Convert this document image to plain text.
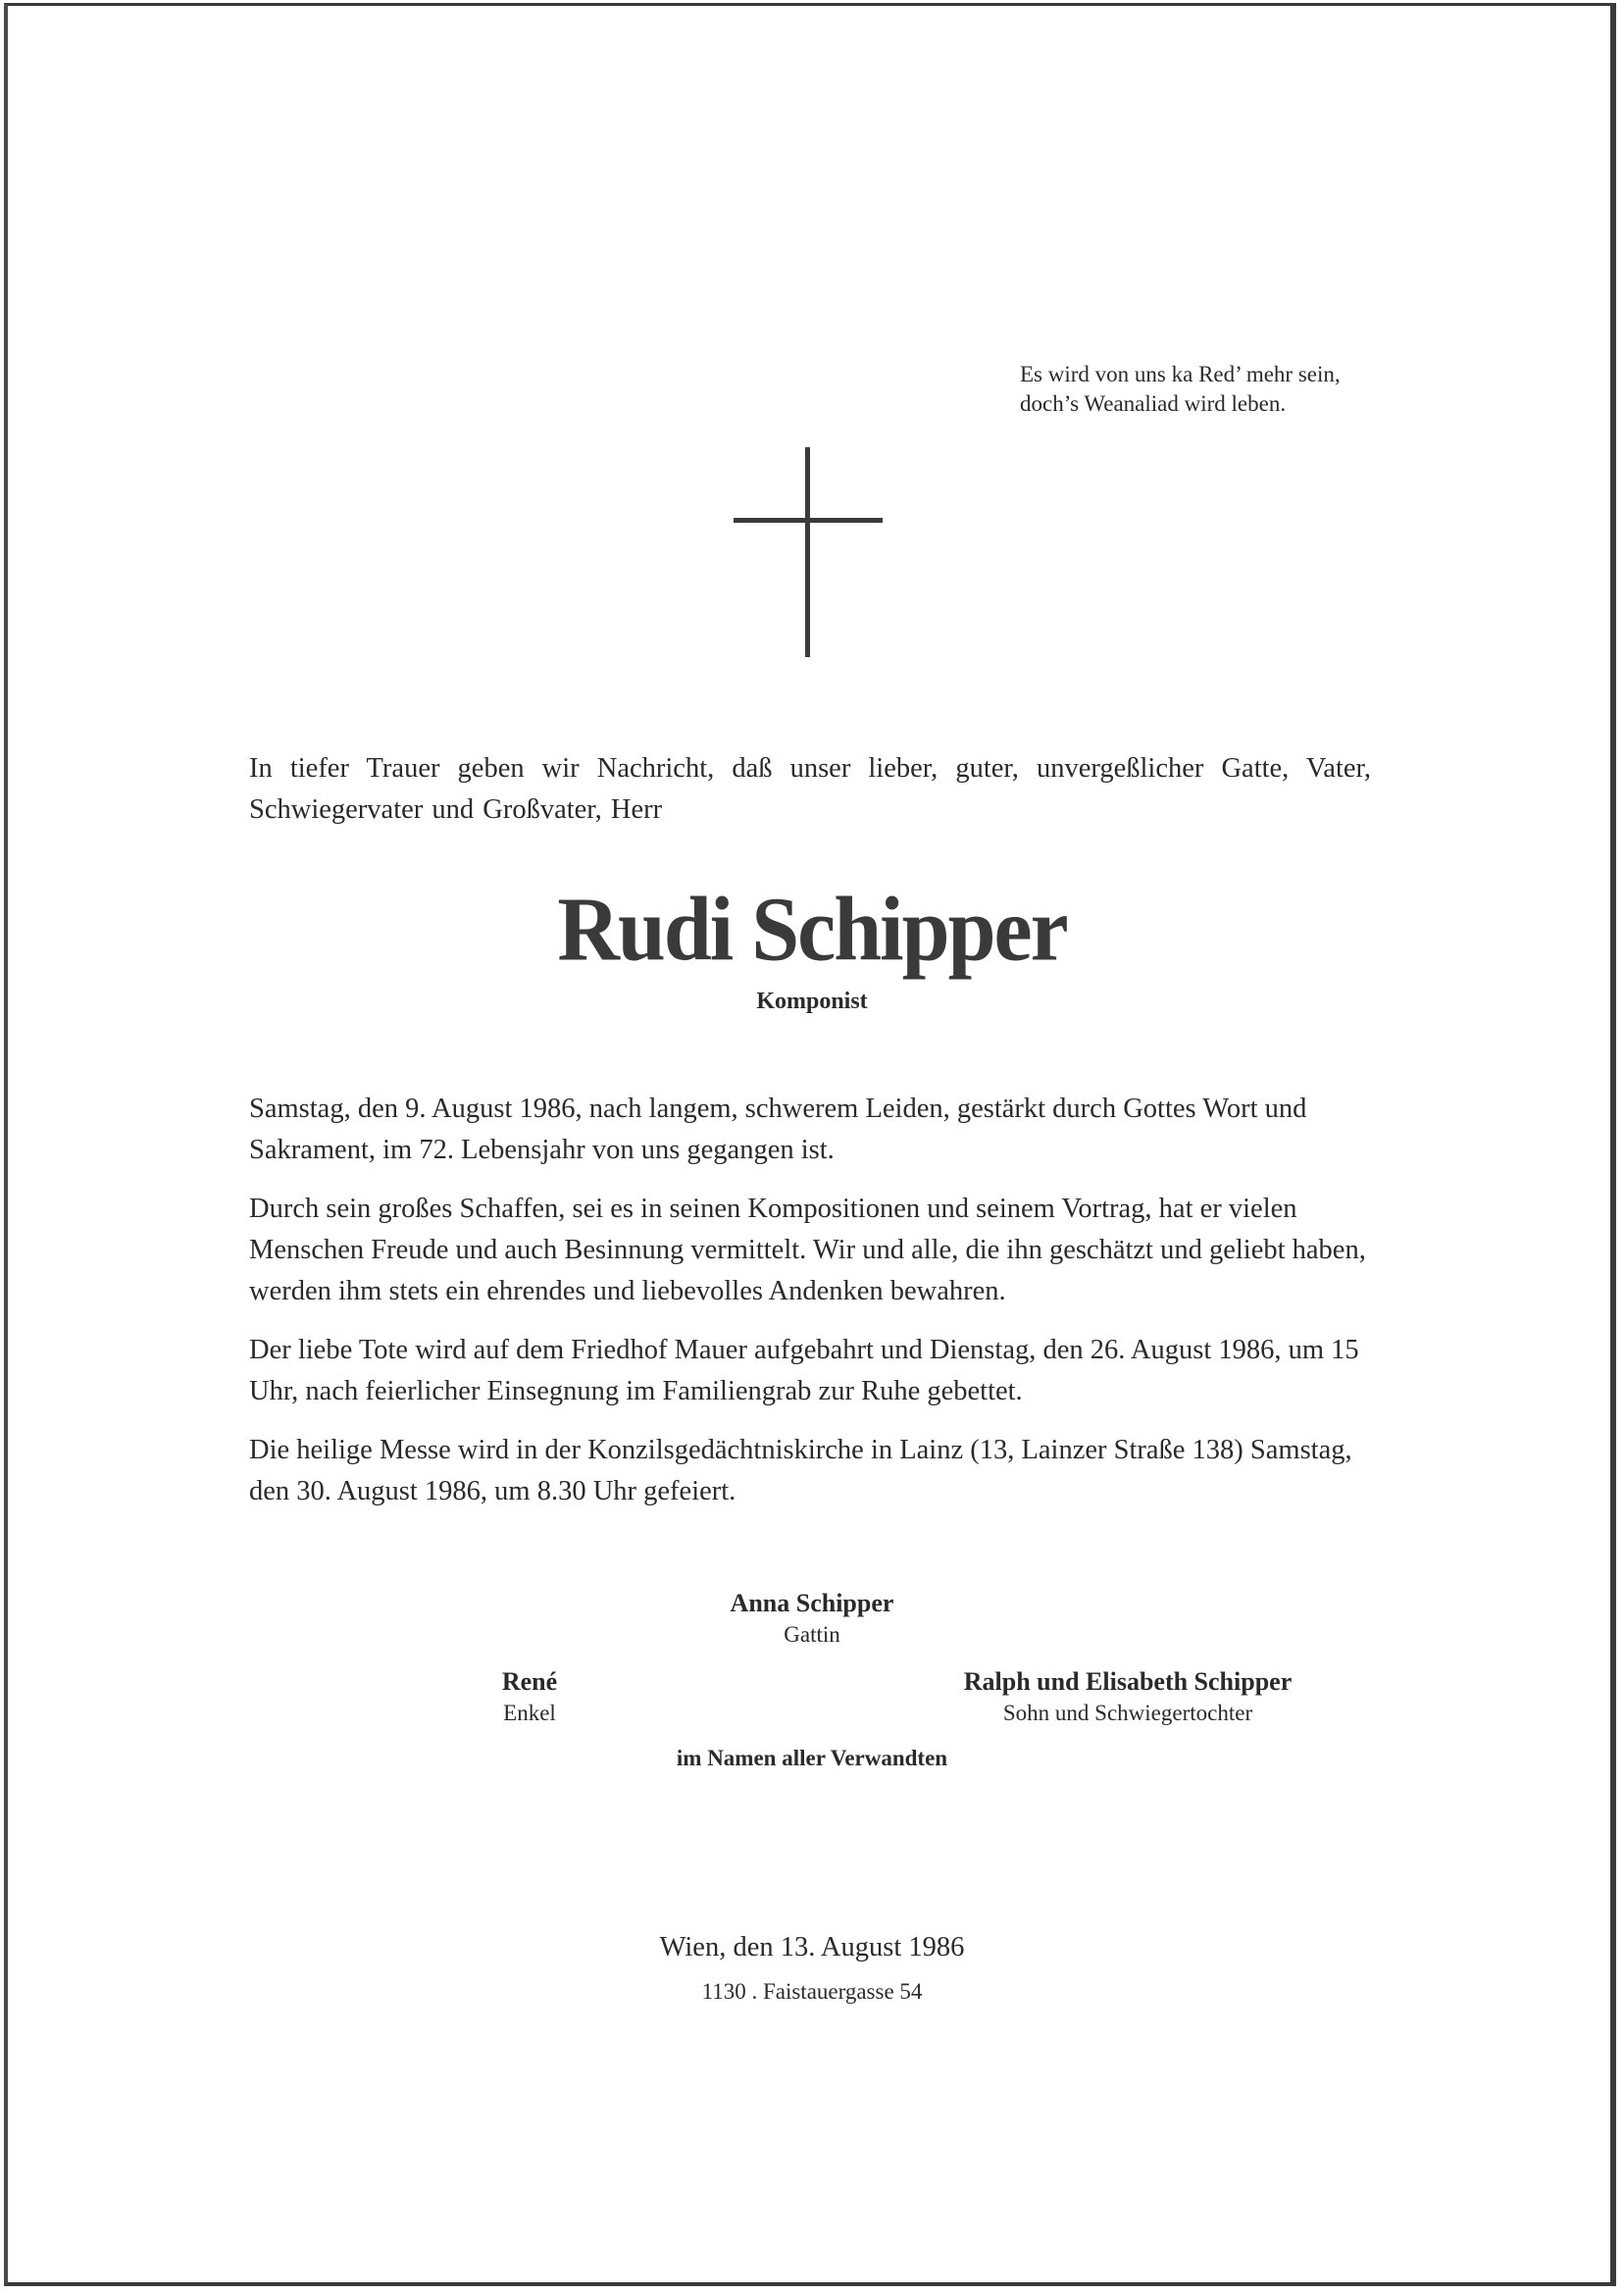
Es wird von uns ka Red’ mehr sein,
doch’s Weanaliad wird leben.
In tiefer Trauer geben wir Nachricht, daß unser lieber, guter, unvergeßlicher Gatte, Vater, Schwiegervater und Großvater, Herr
Rudi Schipper
Komponist

Samstag, den 9. August 1986, nach langem, schwerem Leiden, gestärkt durch Gottes Wort und Sakrament, im 72. Lebensjahr von uns gegangen ist.

Durch sein großes Schaffen, sei es in seinen Kompositionen und seinem Vortrag, hat er vielen Menschen Freude und auch Besinnung vermittelt. Wir und alle, die ihn geschätzt und geliebt haben, werden ihm stets ein ehrendes und liebevolles Andenken bewahren.

Der liebe Tote wird auf dem Friedhof Mauer aufgebahrt und Dienstag, den 26. August 1986, um 15 Uhr, nach feierlicher Einsegnung im Familiengrab zur Ruhe gebettet.

Die heilige Messe wird in der Konzilsgedächtniskirche in Lainz (13, Lainzer Straße 138) Samstag, den 30. August 1986, um 8.30 Uhr gefeiert.

Anna Schipper
Gattin
René
Enkel
Ralph und Elisabeth Schipper
Sohn und Schwiegertochter
im Namen aller Verwandten
Wien, den 13. August 1986
1130 . Faistauergasse 54
